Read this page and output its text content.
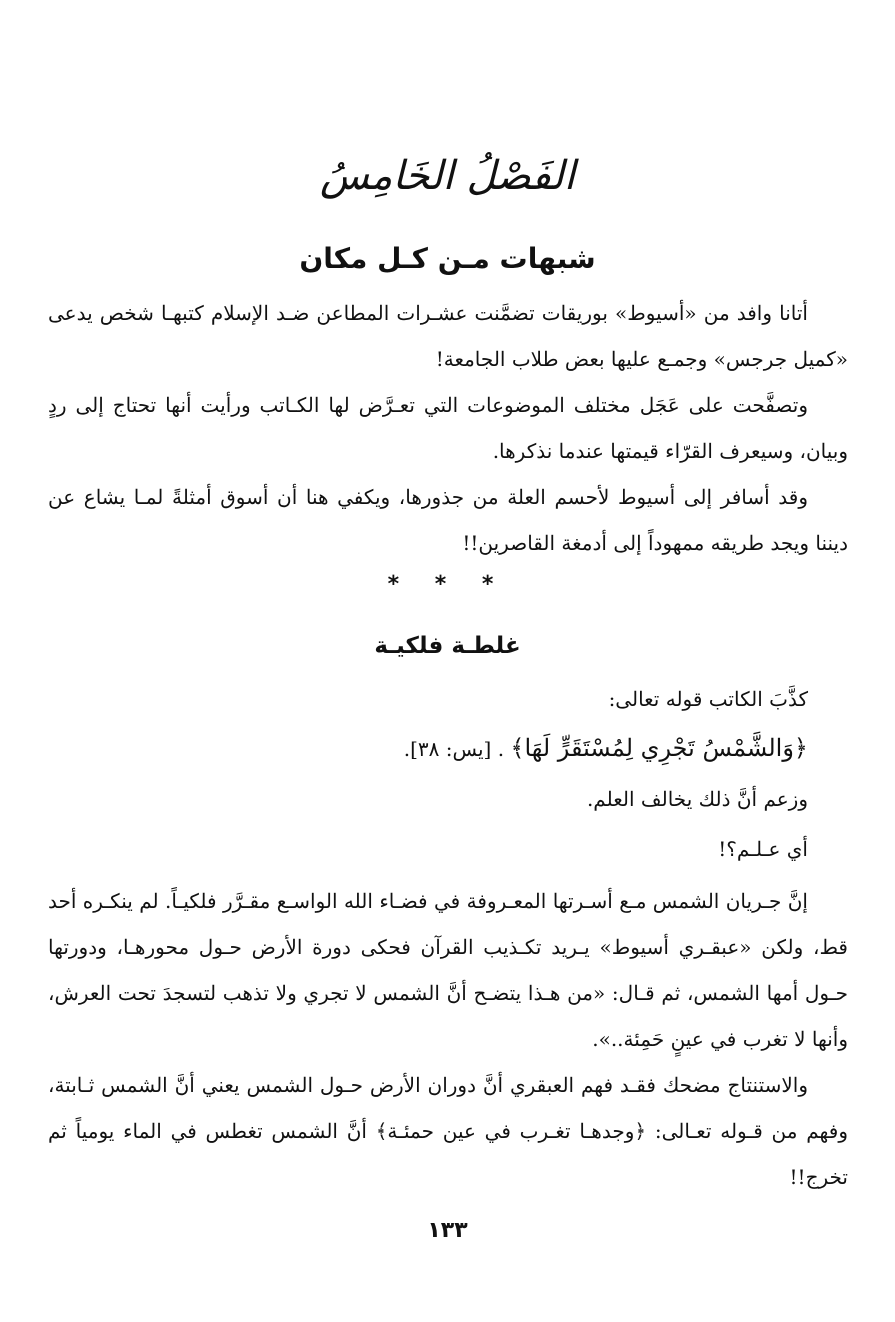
الفَصْلُ الخَامِسُ
شبهات مـن كـل مكان

أتانا وافد من «أسيوط» بوريقات تضمَّنت عشـرات المطاعن ضـد الإسلام كتبهـا شخص يدعى «كميل جرجس» وجمـع عليها بعض طلاب الجامعة!

وتصفَّحت على عَجَل مختلف الموضوعات التي تعـرَّض لها الكـاتب ورأيت أنها تحتاج إلى ردٍ وبيان، وسيعرف القرّاء قيمتها عندما نذكرها.

وقد أسافر إلى أسيوط لأحسم العلة من جذورها، ويكفي هنا أن أسوق أمثلةً لمـا يشاع عن ديننا ويجد طريقه ممهوداً إلى أدمغة القاصرين!!

* * *
غلطـة فلكيـة

كذَّبَ الكاتب قوله تعالى:

﴿وَالشَّمْسُ تَجْرِي لِمُسْتَقَرٍّ لَهَا﴾ . [يس: ٣٨].

وزعم أنَّ ذلك يخالف العلم.

أي عـلـم؟!

إنَّ جـريان الشمس مـع أسـرتها المعـروفة في فضـاء الله الواسـع مقـرَّر فلكيـاً. لم ينكـره أحد قط، ولكن «عبقـري أسيوط» يـريد تكـذيب القرآن فحكى دورة الأرض حـول محورهـا، ودورتها حـول أمها الشمس، ثم قـال: «من هـذا يتضـح أنَّ الشمس لا تجري ولا تذهب لتسجدَ تحت العرش، وأنها لا تغرب في عينٍ حَمِئة..».

والاستنتاج مضحك فقـد فهم العبقري أنَّ دوران الأرض حـول الشمس يعني أنَّ الشمس ثـابتة، وفهم من قـوله تعـالى: ﴿وجدهـا تغـرب في عين حمئـة﴾ أنَّ الشمس تغطس في الماء يومياً ثم تخرج!!

١٣٣
